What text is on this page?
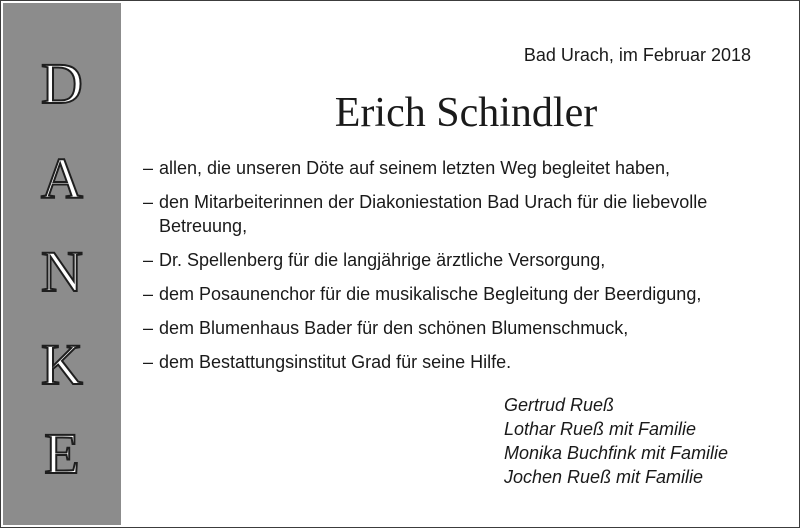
D
A
N
K
E
Bad Urach, im Februar 2018
Erich Schindler
– allen, die unseren Döte auf seinem letzten Weg begleitet haben,
– den Mitarbeiterinnen der Diakoniestation Bad Urach für die liebevolle Betreuung,
– Dr. Spellenberg für die langjährige ärztliche Versorgung,
– dem Posaunenchor für die musikalische Begleitung der Beerdigung,
– dem Blumenhaus Bader für den schönen Blumenschmuck,
– dem Bestattungsinstitut Grad für seine Hilfe.
Gertrud Rueß
Lothar Rueß mit Familie
Monika Buchfink mit Familie
Jochen Rueß mit Familie
